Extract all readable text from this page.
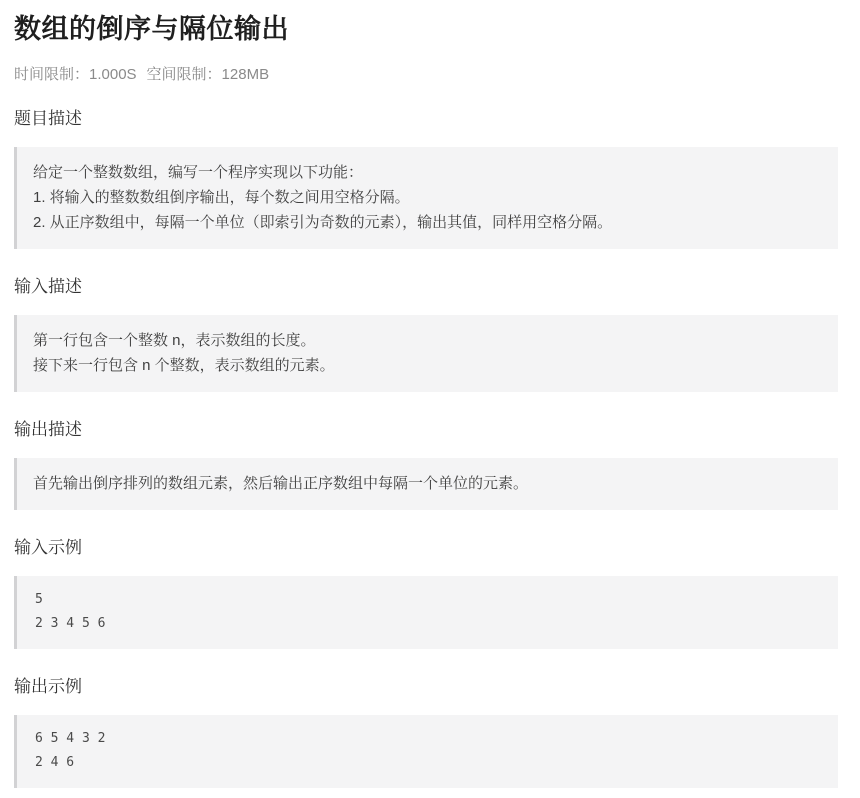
数组的倒序与隔位输出
时间限制：1.000S 空间限制：128MB
题目描述
给定一个整数数组，编写一个程序实现以下功能：
1. 将输入的整数数组倒序输出，每个数之间用空格分隔。
2. 从正序数组中，每隔一个单位（即索引为奇数的元素），输出其值，同样用空格分隔。
输入描述
第一行包含一个整数 n，表示数组的长度。
接下来一行包含 n 个整数，表示数组的元素。
输出描述
首先输出倒序排列的数组元素，然后输出正序数组中每隔一个单位的元素。
输入示例
5
2 3 4 5 6
输出示例
6 5 4 3 2
2 4 6
